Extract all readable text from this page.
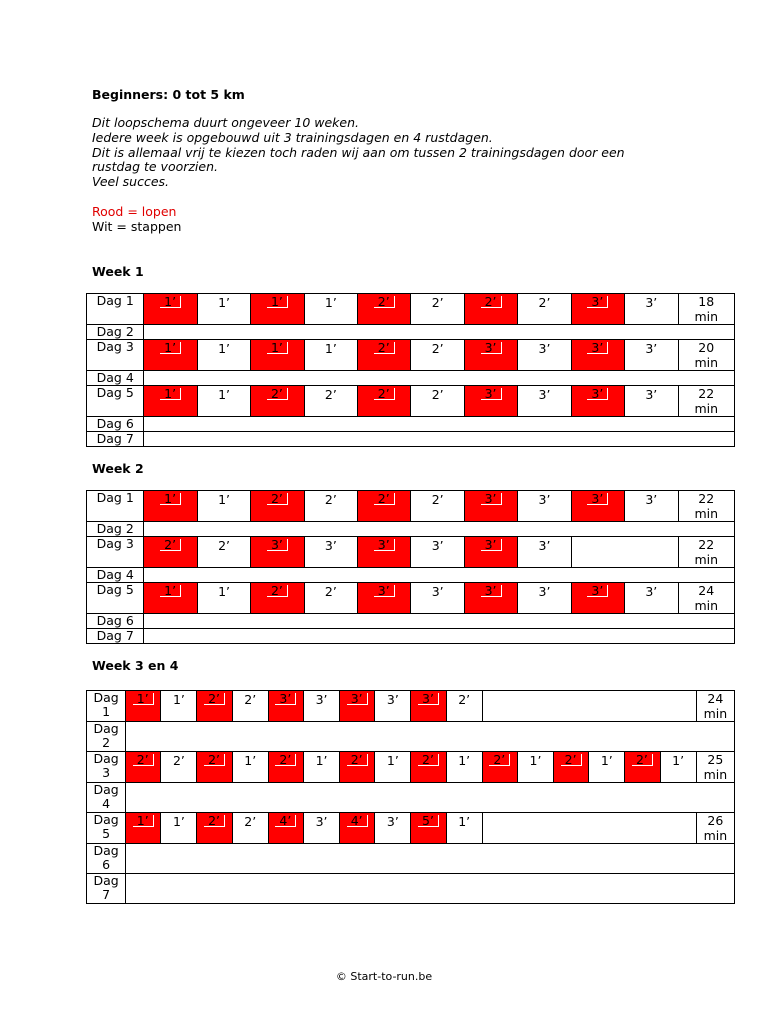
Beginners: 0 tot 5 km
Dit loopschema duurt ongeveer 10 weken.
Iedere week is opgebouwd uit 3 trainingsdagen en 4 rustdagen.
Dit is allemaal vrij te kiezen toch raden wij aan om tussen 2 trainingsdagen door een
rustdag te voorzien.
Veel succes.
Rood = lopen
Wit = stappen
Week 1
Dag 1	1’	1’	1’	1’	2’	2’	2’	2’	3’	3’	18
min

Dag 2											
Dag 3	1’	1’	1’	1’	2’	2’	3’	3’	3’	3’	20
min

Dag 4											
Dag 5	1’	1’	2’	2’	2’	2’	3’	3’	3’	3’	22
min

Dag 6											
Dag 7											
Week 2
Dag 1	1’	1’	2’	2’	2’	2’	3’	3’	3’	3’	22
min

Dag 2											
Dag 3	2’	2’	3’	3’	3’	3’	3’	3’			22
min

Dag 4											
Dag 5	1’	1’	2’	2’	3’	3’	3’	3’	3’	3’	24
min

Dag 6											
Dag 7											
Week 3 en 4
Dag 1	1’	1’	2’	2’	3’	3’	3’	3’	3’	2’							24
min

Dag 2																	
Dag 3	2’	2’	2’	1’	2’	1’	2’	1’	2’	1’	2’	1’	2’	1’	2’	1’	25
min

Dag 4																	
Dag 5	1’	1’	2’	2’	4’	3’	4’	3’	5’	1’							26
min

Dag 6																	
Dag 7																	
© Start-to-run.be
